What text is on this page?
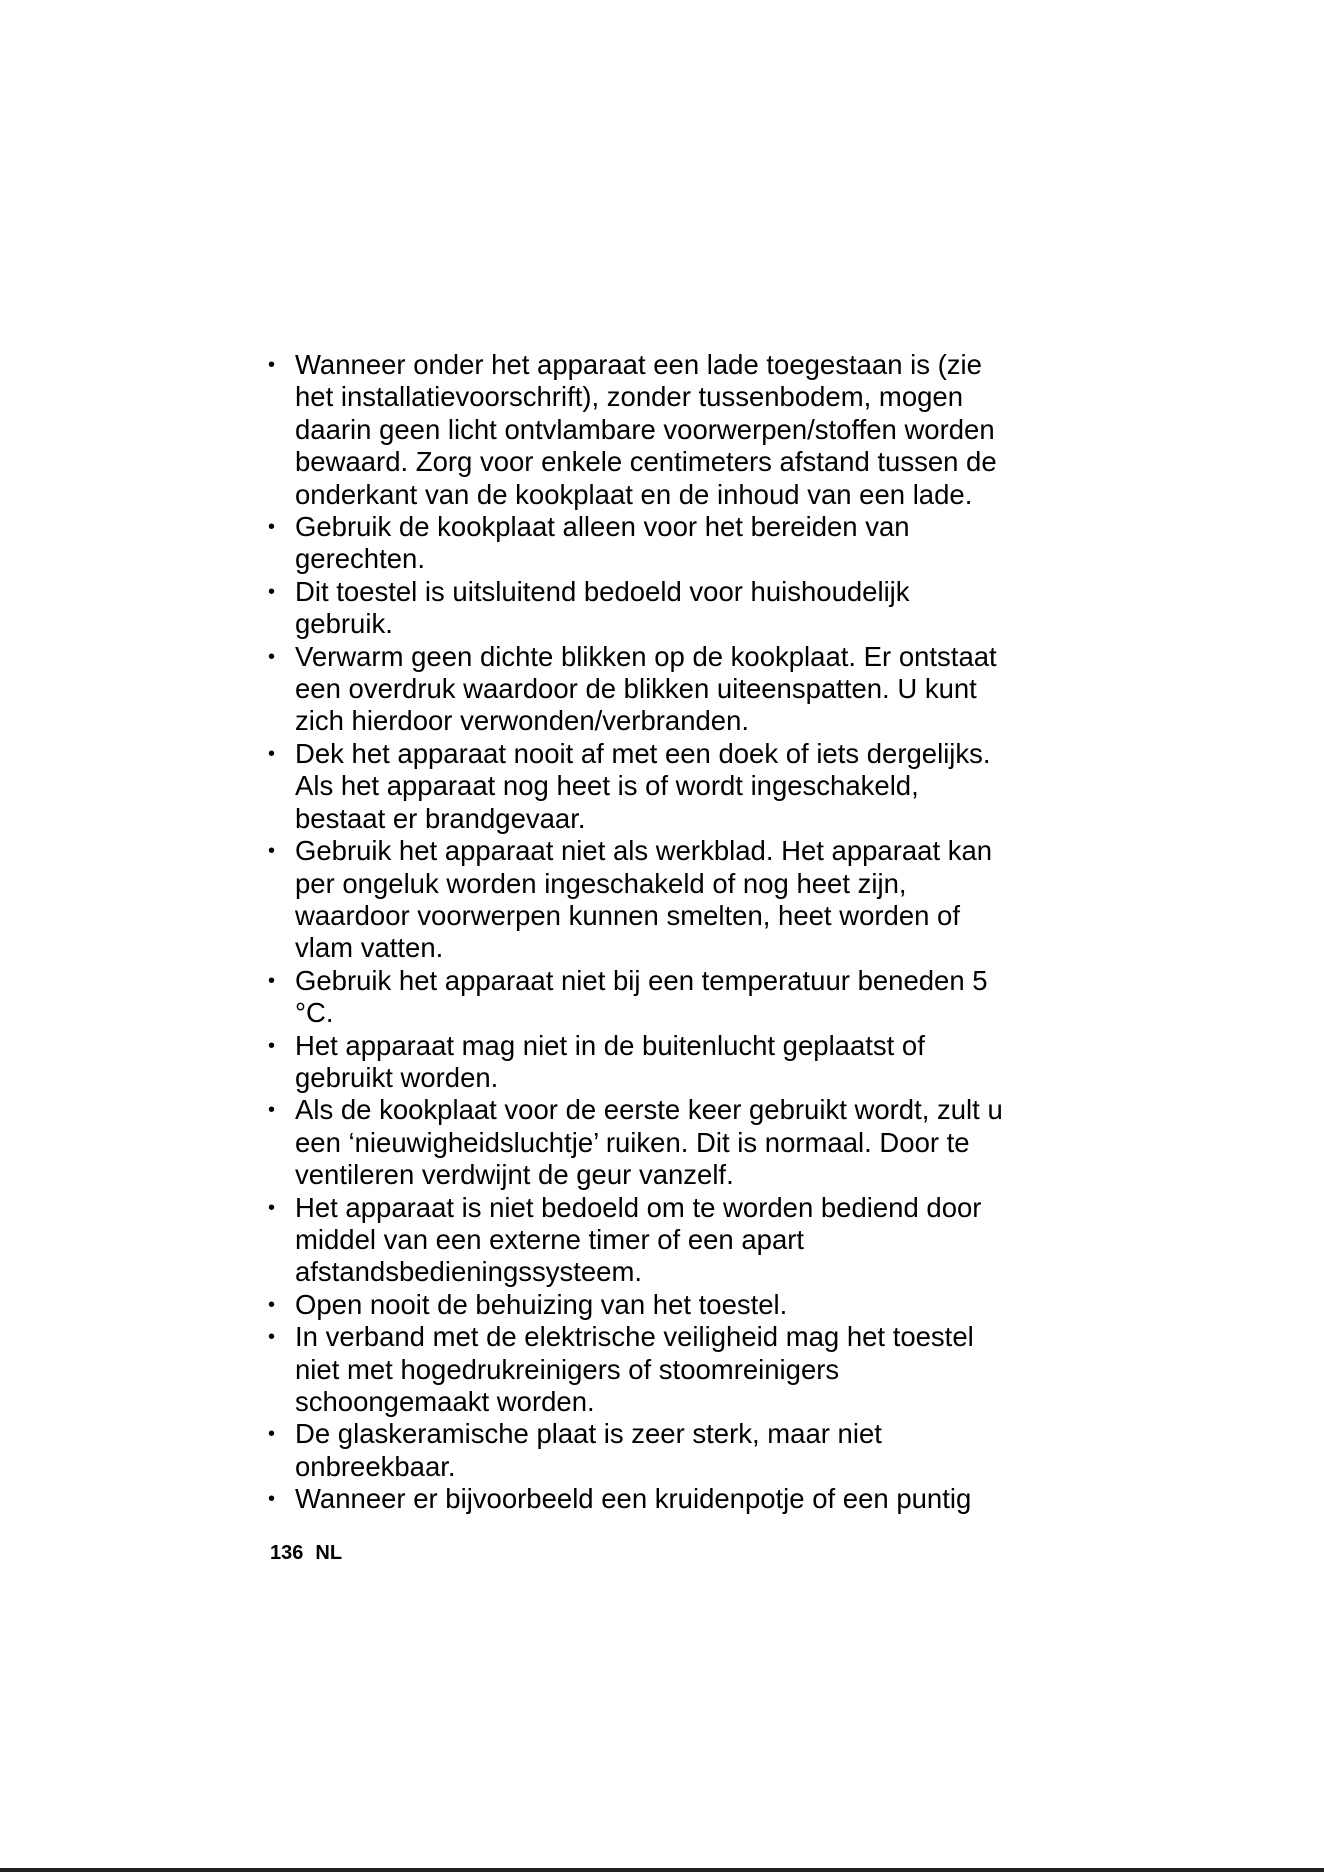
• Wanneer onder het apparaat een lade toegestaan is (zie
het installatievoorschrift), zonder tussenbodem, mogen
daarin geen licht ontvlambare voorwerpen/stoffen worden
bewaard. Zorg voor enkele centimeters afstand tussen de
onderkant van de kookplaat en de inhoud van een lade.
• Gebruik de kookplaat alleen voor het bereiden van
gerechten.
• Dit toestel is uitsluitend bedoeld voor huishoudelijk
gebruik.
• Verwarm geen dichte blikken op de kookplaat. Er ontstaat
een overdruk waardoor de blikken uiteenspatten. U kunt
zich hierdoor verwonden/verbranden.
• Dek het apparaat nooit af met een doek of iets dergelijks.
Als het apparaat nog heet is of wordt ingeschakeld,
bestaat er brandgevaar.
• Gebruik het apparaat niet als werkblad. Het apparaat kan
per ongeluk worden ingeschakeld of nog heet zijn,
waardoor voorwerpen kunnen smelten, heet worden of
vlam vatten.
• Gebruik het apparaat niet bij een temperatuur beneden 5
°C.
• Het apparaat mag niet in de buitenlucht geplaatst of
gebruikt worden.
• Als de kookplaat voor de eerste keer gebruikt wordt, zult u
een ‘nieuwigheidsluchtje’ ruiken. Dit is normaal. Door te
ventileren verdwijnt de geur vanzelf.
• Het apparaat is niet bedoeld om te worden bediend door
middel van een externe timer of een apart
afstandsbedieningssysteem.
• Open nooit de behuizing van het toestel.
• In verband met de elektrische veiligheid mag het toestel
niet met hogedrukreinigers of stoomreinigers
schoongemaakt worden.
• De glaskeramische plaat is zeer sterk, maar niet
onbreekbaar.
• Wanneer er bijvoorbeeld een kruidenpotje of een puntig
136 NL
